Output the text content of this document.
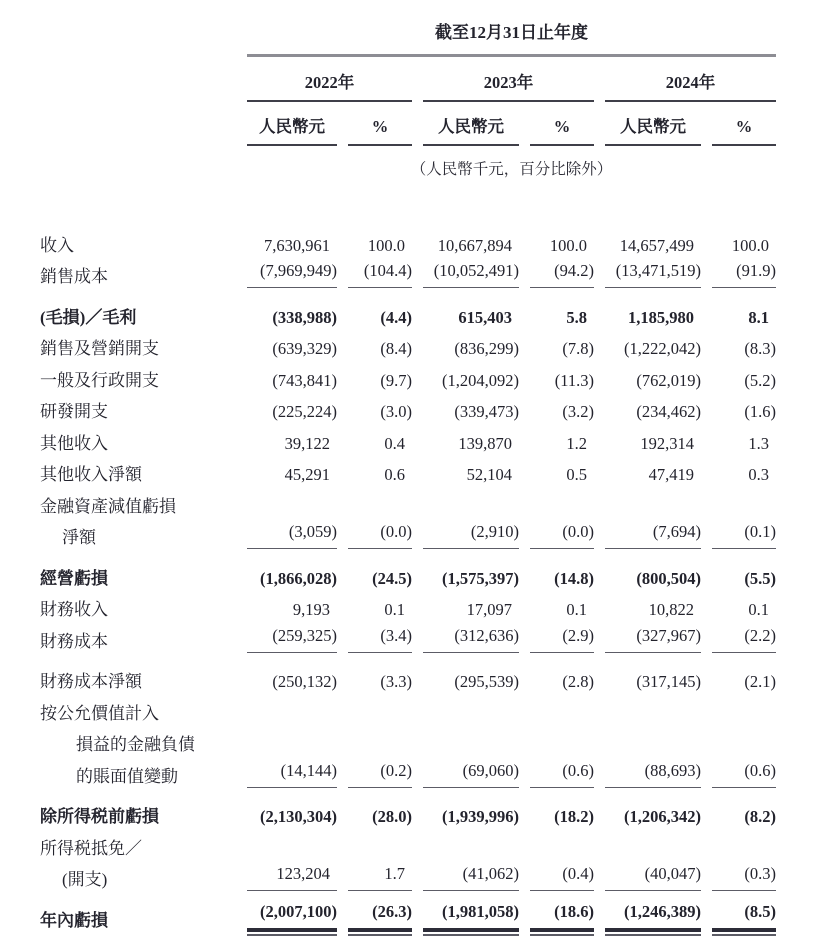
截至12月31日止年度
2022年	2023年	2024年
人民幣元	%	人民幣元	%	人民幣元	%
（人民幣千元，百分比除外）
收入	7,630,961	100.0	10,667,894	100.0	14,657,499	100.0
銷售成本	(7,969,949)	(104.4)	(10,052,491)	(94.2)	(13,471,519)	(91.9)
(毛損)／毛利	(338,988)	(4.4)	615,403	5.8	1,185,980	8.1
銷售及營銷開支	(639,329)	(8.4)	(836,299)	(7.8)	(1,222,042)	(8.3)
一般及行政開支	(743,841)	(9.7)	(1,204,092)	(11.3)	(762,019)	(5.2)
研發開支	(225,224)	(3.0)	(339,473)	(3.2)	(234,462)	(1.6)
其他收入	39,122	0.4	139,870	1.2	192,314	1.3
其他收入淨額	45,291	0.6	52,104	0.5	47,419	0.3
金融資產減值虧損
淨額	(3,059)	(0.0)	(2,910)	(0.0)	(7,694)	(0.1)
經營虧損	(1,866,028)	(24.5)	(1,575,397)	(14.8)	(800,504)	(5.5)
財務收入	9,193	0.1	17,097	0.1	10,822	0.1
財務成本	(259,325)	(3.4)	(312,636)	(2.9)	(327,967)	(2.2)
財務成本淨額	(250,132)	(3.3)	(295,539)	(2.8)	(317,145)	(2.1)
按公允價值計入
損益的金融負債
的賬面值變動	(14,144)	(0.2)	(69,060)	(0.6)	(88,693)	(0.6)
除所得税前虧損	(2,130,304)	(28.0)	(1,939,996)	(18.2)	(1,206,342)	(8.2)
所得税抵免／
(開支)	123,204	1.7	(41,062)	(0.4)	(40,047)	(0.3)
年內虧損	(2,007,100)	(26.3)	(1,981,058)	(18.6)	(1,246,389)	(8.5)
